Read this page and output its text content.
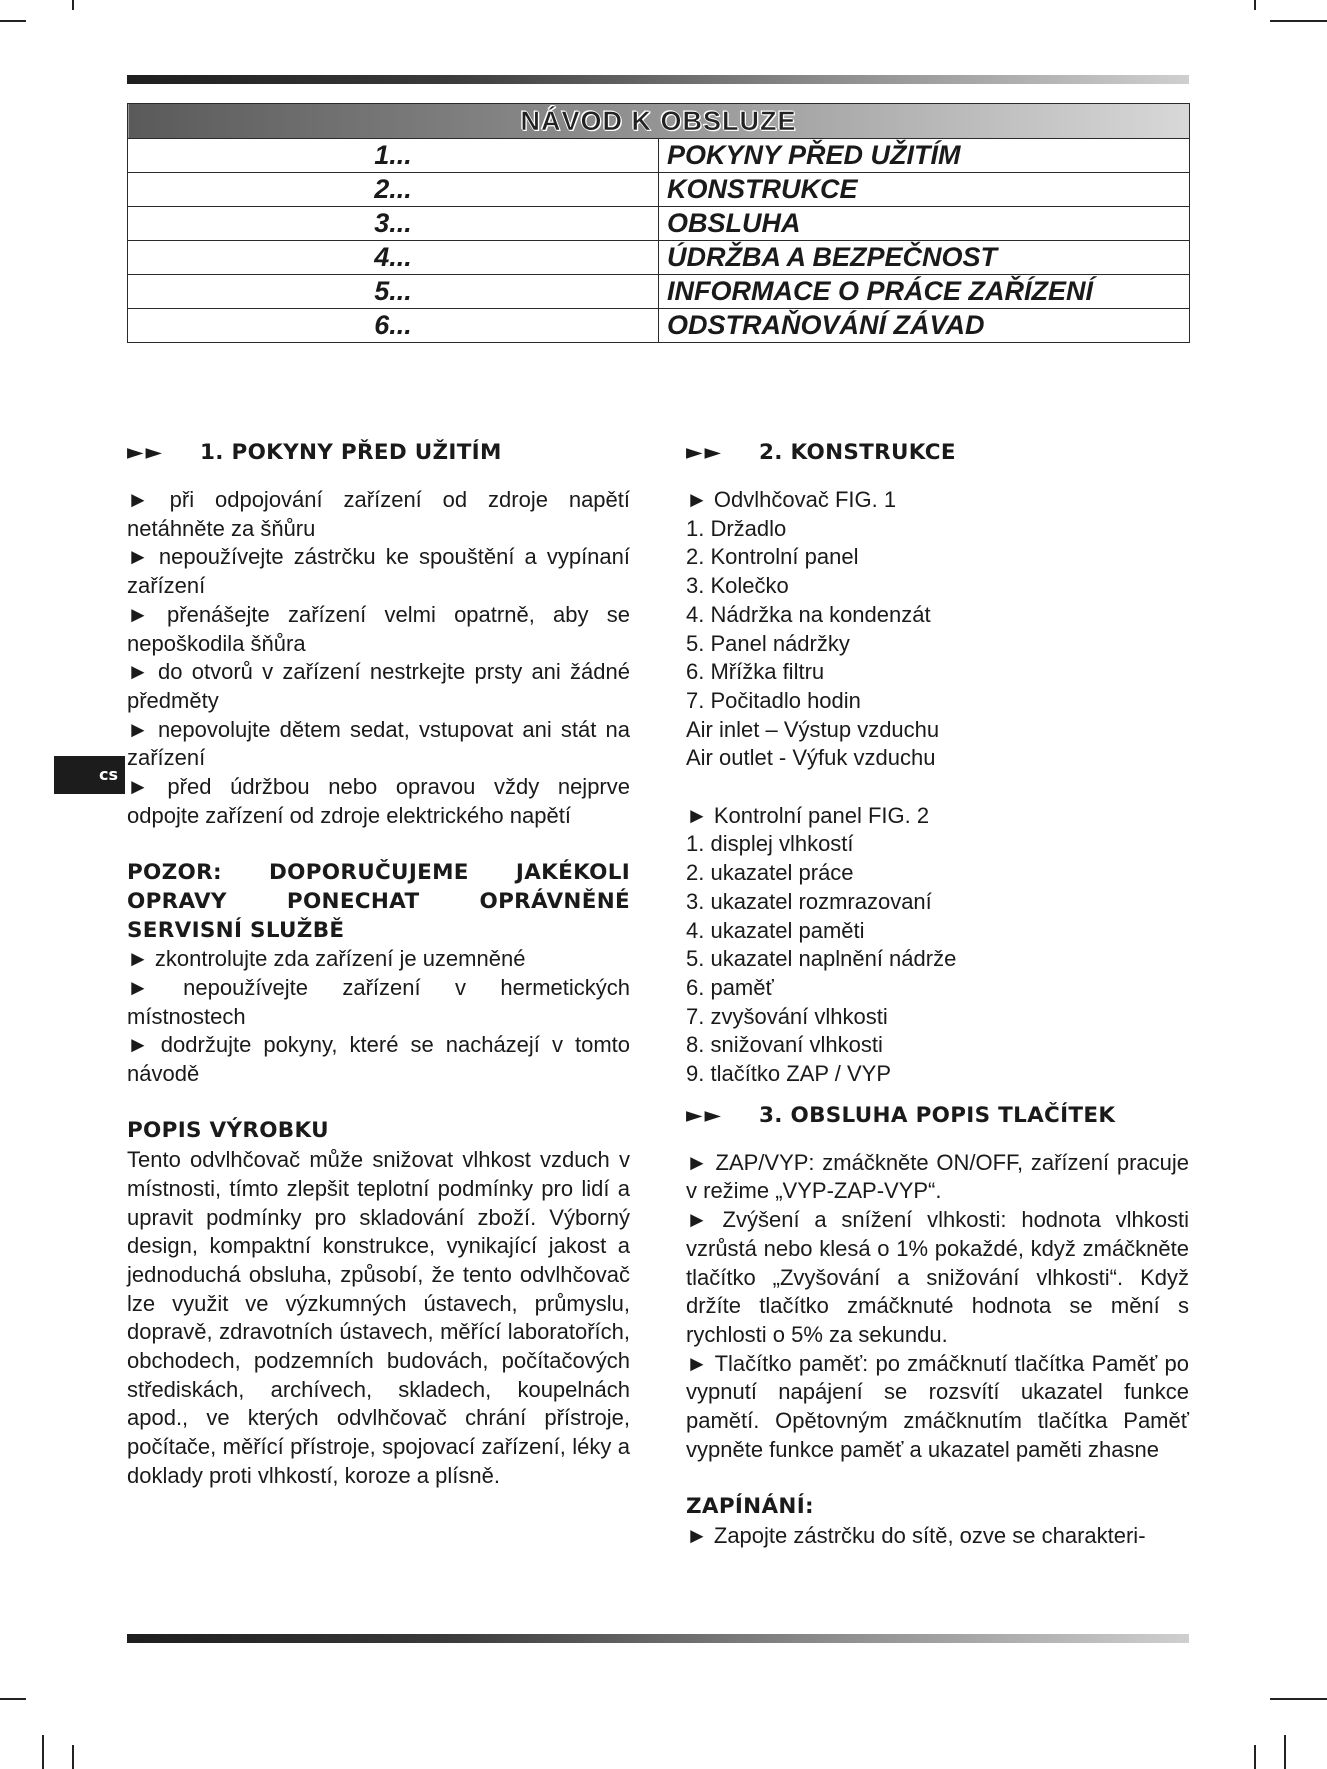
NÁVOD K OBSLUZE	
1...	POKYNY PŘED UŽITÍM
2...	KONSTRUKCE
3...	OBSLUHA
4...	ÚDRŽBA A BEZPEČNOST
5...	INFORMACE O PRÁCE ZAŘÍZENÍ
6...	ODSTRAŇOVÁNÍ ZÁVAD
cs
►► 1. POKYNY PŘED UŽITÍM
► při odpojování zařízení od zdroje napětí netáhněte za šňůru
► nepoužívejte zástrčku ke spouštění a vypínaní zařízení
► přenášejte zařízení velmi opatrně, aby se nepoškodila šňůra
► do otvorů v zařízení nestrkejte prsty ani žádné předměty
► nepovolujte dětem sedat, vstupovat ani stát na zařízení
► před údržbou nebo opravou vždy nejprve odpojte zařízení od zdroje elektrického napětí
POZOR: DOPORUČUJEME JAKÉKOLI OPRAVY PONECHAT OPRÁVNĚNÉ SERVISNÍ SLUŽBĚ
► zkontrolujte zda zařízení je uzemněné
► nepoužívejte zařízení v hermetických místnostech
► dodržujte pokyny, které se nacházejí v tomto návodě
POPIS VÝROBKU
Tento odvlhčovač může snižovat vlhkost vzduch v místnosti, tímto zlepšit teplotní podmínky pro lidí a upravit podmínky pro skladování zboží. Výborný design, kompaktní konstrukce, vynikající jakost a jednoduchá obsluha, způsobí, že tento odvlhčovač lze využit ve výzkumných ústavech, průmyslu, dopravě, zdravotních ústavech, měřící laboratořích, obchodech, podzemních budovách, počítačových střediskách, archívech, skladech, koupelnách apod., ve kterých odvlhčovač chrání přístroje, počítače, měřící přístroje, spojovací zařízení, léky a doklady proti vlhkostí, koroze a plísně.
►► 2. KONSTRUKCE
► Odvlhčovač FIG. 1
1. Držadlo
2. Kontrolní panel
3. Kolečko
4. Nádržka na kondenzát
5. Panel nádržky
6. Mřížka filtru
7. Počitadlo hodin
Air inlet – Výstup vzduchu
Air outlet - Výfuk vzduchu
► Kontrolní panel FIG. 2
1. displej vlhkostí
2. ukazatel práce
3. ukazatel rozmrazovaní
4. ukazatel paměti
5. ukazatel naplnění nádrže
6. paměť
7. zvyšování vlhkosti
8. snižovaní vlhkosti
9. tlačítko ZAP / VYP
►► 3. OBSLUHA POPIS TLAČÍTEK
► ZAP/VYP: zmáčkněte ON/OFF, zařízení pracuje v režime „VYP-ZAP-VYP“.
► Zvýšení a snížení vlhkosti: hodnota vlhkosti vzrůstá nebo klesá o 1% pokaždé, když zmáčkněte tlačítko „Zvyšování a snižování vlhkosti“. Když držíte tlačítko zmáčknuté hodnota se mění s rychlosti o 5% za sekundu.
► Tlačítko paměť: po zmáčknutí tlačítka Paměť po vypnutí napájení se rozsvítí ukazatel funkce pamětí. Opětovným zmáčknutím tlačítka Paměť vypněte funkce paměť a ukazatel paměti zhasne
ZAPÍNÁNÍ:
► Zapojte zástrčku do sítě, ozve se charakteri-
